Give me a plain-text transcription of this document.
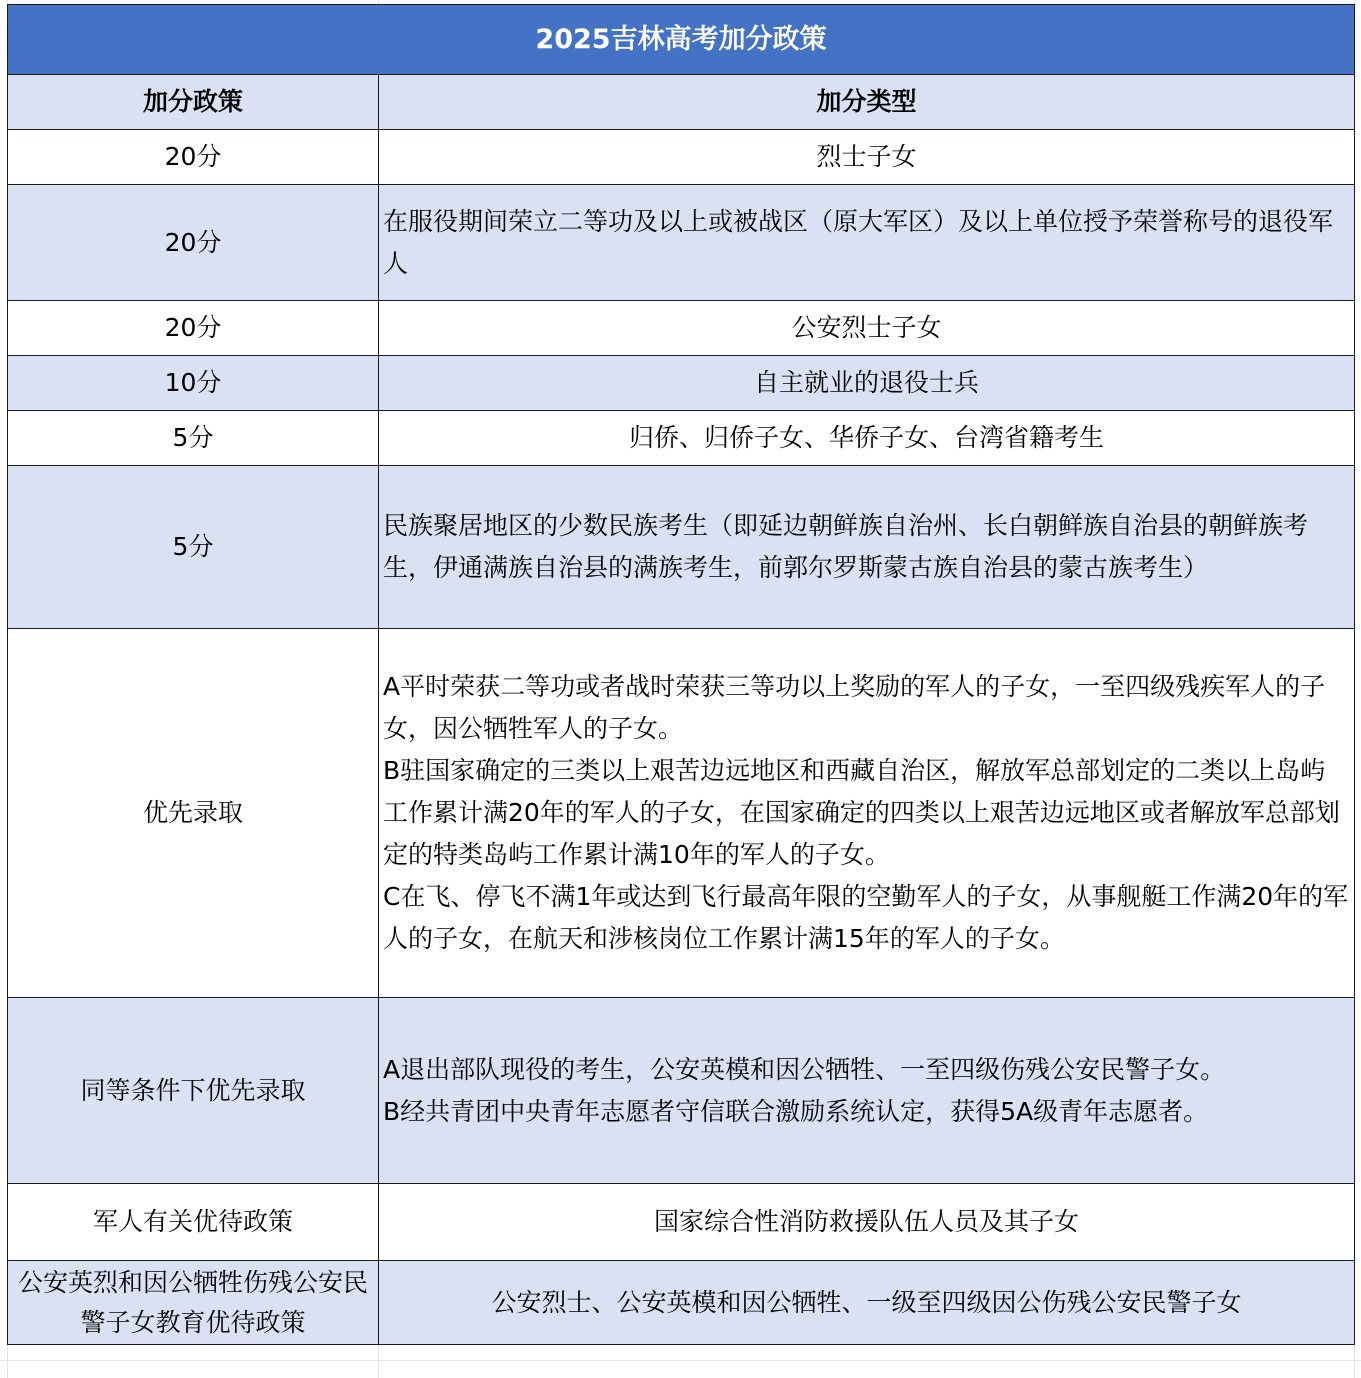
2025吉林高考加分政策	
加分政策	加分类型
20分	烈士子女
20分	在服役期间荣立二等功及以上或被战区（原大军区）及以上单位授予荣誉称号的退役军人
20分	公安烈士子女
10分	自主就业的退役士兵
5分	归侨、归侨子女、华侨子女、台湾省籍考生
5分	民族聚居地区的少数民族考生（即延边朝鲜族自治州、长白朝鲜族自治县的朝鲜族考生，伊通满族自治县的满族考生，前郭尔罗斯蒙古族自治县的蒙古族考生）
优先录取	A平时荣获二等功或者战时荣获三等功以上奖励的军人的子女，一至四级残疾军人的子女，因公牺牲军人的子女。
B驻国家确定的三类以上艰苦边远地区和西藏自治区，解放军总部划定的二类以上岛屿工作累计满20年的军人的子女，在国家确定的四类以上艰苦边远地区或者解放军总部划定的特类岛屿工作累计满10年的军人的子女。
C在飞、停飞不满1年或达到飞行最高年限的空勤军人的子女，从事舰艇工作满20年的军人的子女，在航天和涉核岗位工作累计满15年的军人的子女。

同等条件下优先录取	A退出部队现役的考生，公安英模和因公牺牲、一至四级伤残公安民警子女。
B经共青团中央青年志愿者守信联合激励系统认定，获得5A级青年志愿者。

军人有关优待政策	国家综合性消防救援队伍人员及其子女
公安英烈和因公牺牲伤残公安民警子女教育优待政策	公安烈士、公安英模和因公牺牲、一级至四级因公伤残公安民警子女
